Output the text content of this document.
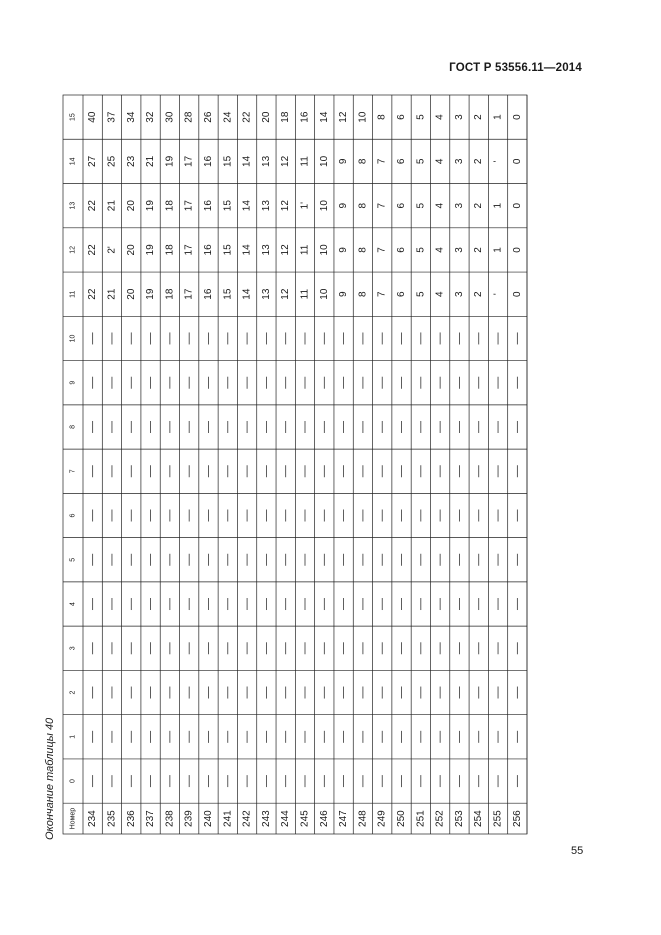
ГОСТ Р 53556.11—2014
Окончание таблицы 40
55
Номер
0
1
2
3
4
5
6
7
8
9
10
11
12
13
14
15
234
22
22
22
27
40
235
21
2'
21
25
37
236
20
20
20
23
34
237
19
19
19
21
32
238
18
18
18
19
30
239
17
17
17
17
28
240
16
16
16
16
26
241
15
15
15
15
24
242
14
14
14
14
22
243
13
13
13
13
20
244
12
12
12
12
18
245
11
11
1'
11
16
246
10
10
10
10
14
247
9
9
9
9
12
248
8
8
8
8
10
249
7
7
7
7
8
250
6
6
6
6
6
251
5
5
5
5
5
252
4
4
4
4
4
253
3
3
3
3
3
254
2
2
2
2
2
255
'
1
1
'
1
256
0
0
0
0
0
